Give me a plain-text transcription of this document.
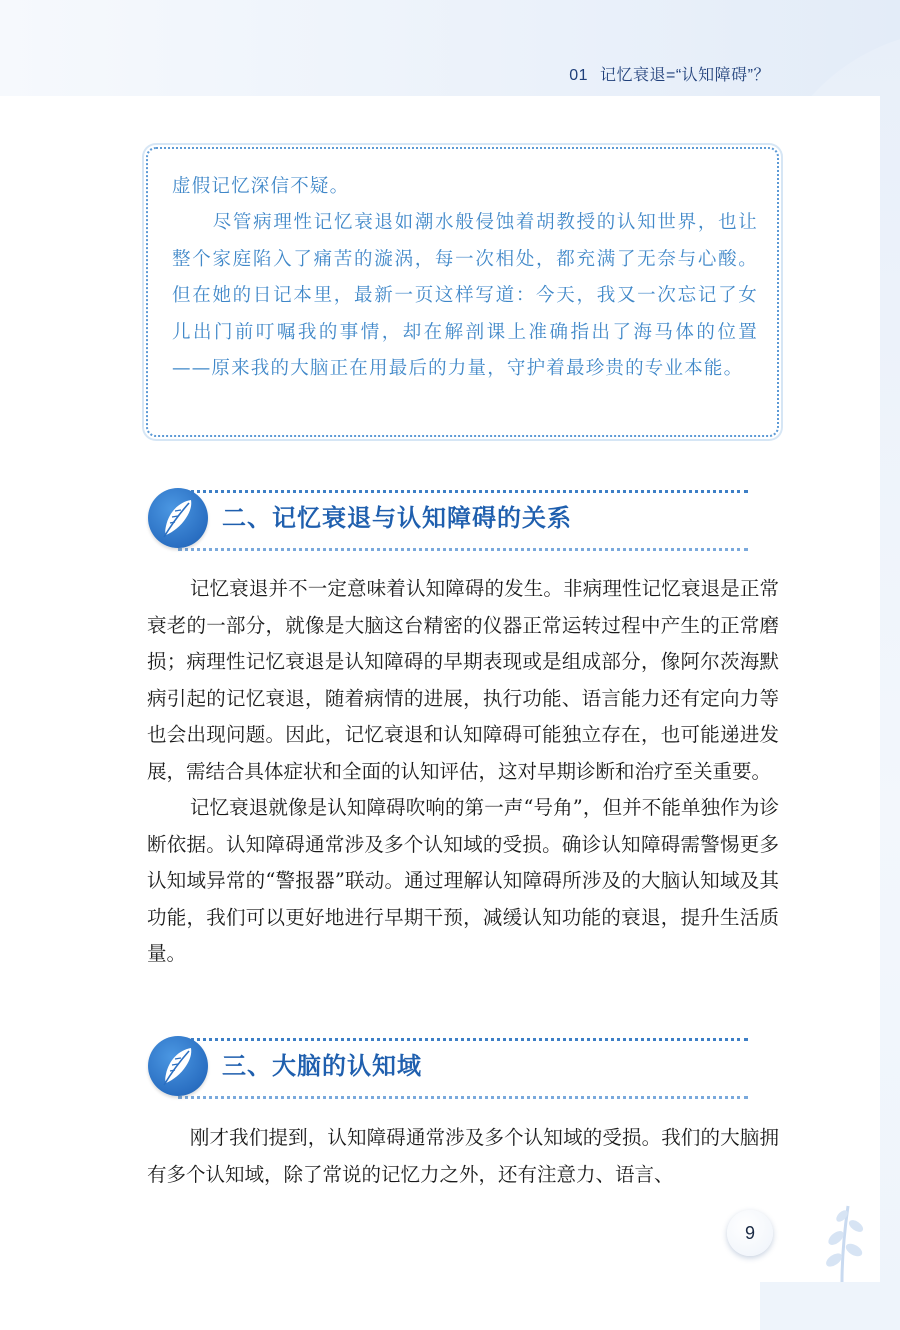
01 记忆衰退=“认知障碍”？

虚假记忆深信不疑。

尽管病理性记忆衰退如潮水般侵蚀着胡教授的认知世界，也让整个家庭陷入了痛苦的漩涡，每一次相处，都充满了无奈与心酸。但在她的日记本里，最新一页这样写道：今天，我又一次忘记了女儿出门前叮嘱我的事情，却在解剖课上准确指出了海马体的位置——原来我的大脑正在用最后的力量，守护着最珍贵的专业本能。

二、记忆衰退与认知障碍的关系

记忆衰退并不一定意味着认知障碍的发生。非病理性记忆衰退是正常衰老的一部分，就像是大脑这台精密的仪器正常运转过程中产生的正常磨损；病理性记忆衰退是认知障碍的早期表现或是组成部分，像阿尔茨海默病引起的记忆衰退，随着病情的进展，执行功能、语言能力还有定向力等也会出现问题。因此，记忆衰退和认知障碍可能独立存在，也可能递进发展，需结合具体症状和全面的认知评估，这对早期诊断和治疗至关重要。

记忆衰退就像是认知障碍吹响的第一声“号角”，但并不能单独作为诊断依据。认知障碍通常涉及多个认知域的受损。确诊认知障碍需警惕更多认知域异常的“警报器”联动。通过理解认知障碍所涉及的大脑认知域及其功能，我们可以更好地进行早期干预，减缓认知功能的衰退，提升生活质量。

三、大脑的认知域

刚才我们提到，认知障碍通常涉及多个认知域的受损。我们的大脑拥有多个认知域，除了常说的记忆力之外，还有注意力、语言、

9
